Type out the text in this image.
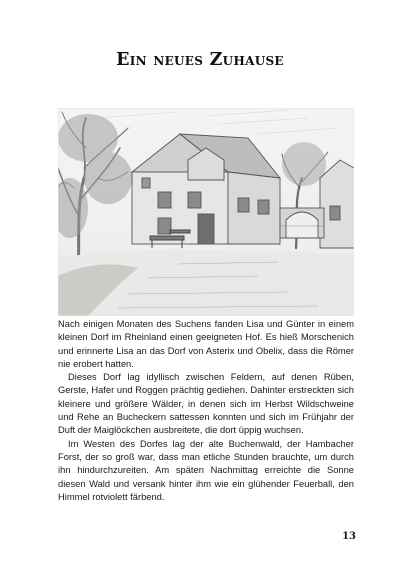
Ein neues Zuhause

Nach einigen Monaten des Suchens fanden Lisa und Günter in einem kleinen Dorf im Rheinland einen geeigneten Hof. Es hieß Morschenich und erinnerte Lisa an das Dorf von Asterix und Obelix, dass die Römer nie erobert hatten.

Dieses Dorf lag idyllisch zwischen Feldern, auf denen Rüben, Gerste, Hafer und Roggen prächtig gediehen. Dahinter erstreckten sich kleinere und größere Wälder, in denen sich im Herbst Wildschweine und Rehe an Bucheckern sattessen konnten und sich im Frühjahr der Duft der Maiglöckchen ausbreitete, die dort üppig wuchsen.

Im Westen des Dorfes lag der alte Buchenwald, der Hambacher Forst, der so groß war, dass man etliche Stunden brauchte, um durch ihn hindurchzureiten. Am späten Nachmittag erreichte die Sonne diesen Wald und versank hinter ihm wie ein glühender Feuerball, den Himmel rotviolett färbend.

13
